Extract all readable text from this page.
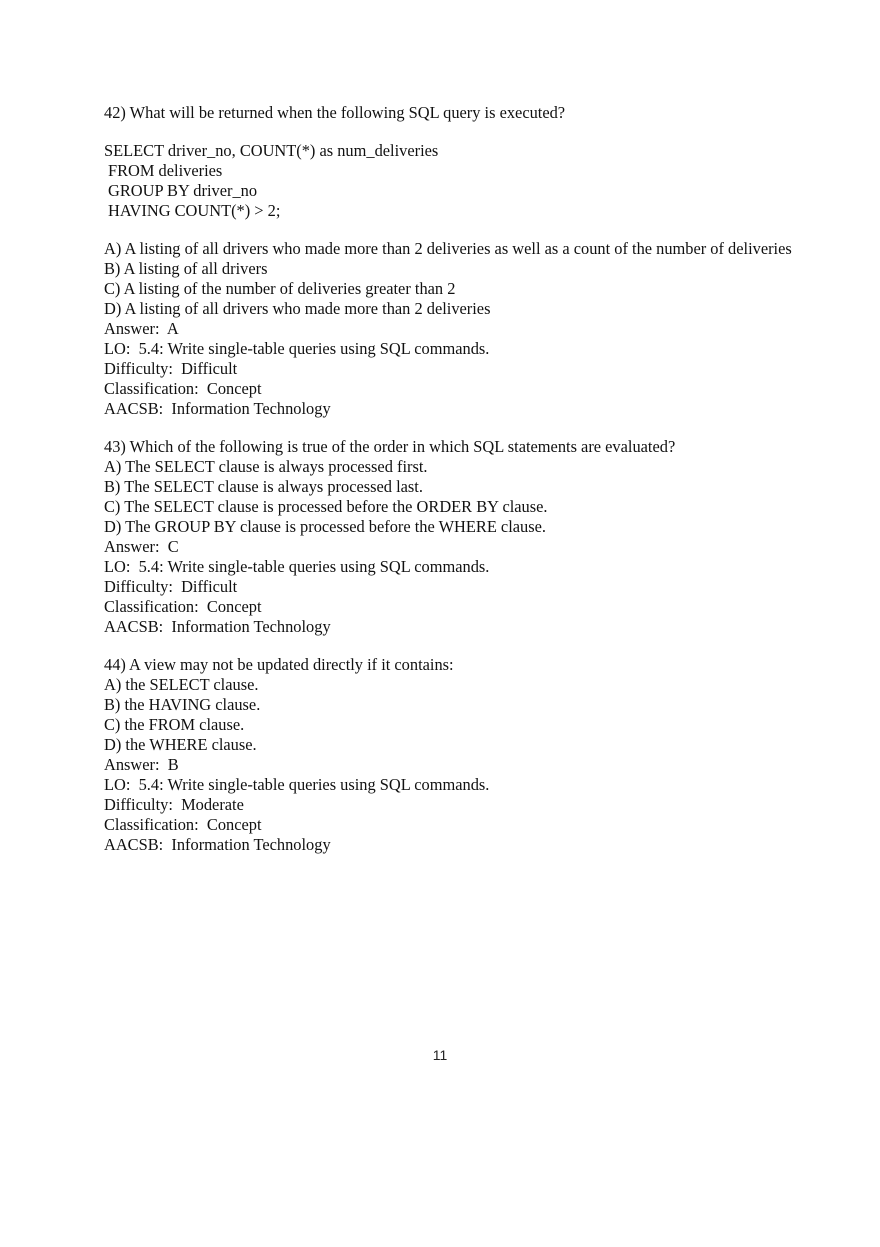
42) What will be returned when the following SQL query is executed?
SELECT driver_no, COUNT(*) as num_deliveries
FROM deliveries
GROUP BY driver_no
HAVING COUNT(*) > 2;
A) A listing of all drivers who made more than 2 deliveries as well as a count of the number of deliveries
B) A listing of all drivers
C) A listing of the number of deliveries greater than 2
D) A listing of all drivers who made more than 2 deliveries
Answer:  A
LO:  5.4: Write single-table queries using SQL commands.
Difficulty:  Difficult
Classification:  Concept
AACSB:  Information Technology
43) Which of the following is true of the order in which SQL statements are evaluated?
A) The SELECT clause is always processed first.
B) The SELECT clause is always processed last.
C) The SELECT clause is processed before the ORDER BY clause.
D) The GROUP BY clause is processed before the WHERE clause.
Answer:  C
LO:  5.4: Write single-table queries using SQL commands.
Difficulty:  Difficult
Classification:  Concept
AACSB:  Information Technology
44) A view may not be updated directly if it contains:
A) the SELECT clause.
B) the HAVING clause.
C) the FROM clause.
D) the WHERE clause.
Answer:  B
LO:  5.4: Write single-table queries using SQL commands.
Difficulty:  Moderate
Classification:  Concept
AACSB:  Information Technology
11
